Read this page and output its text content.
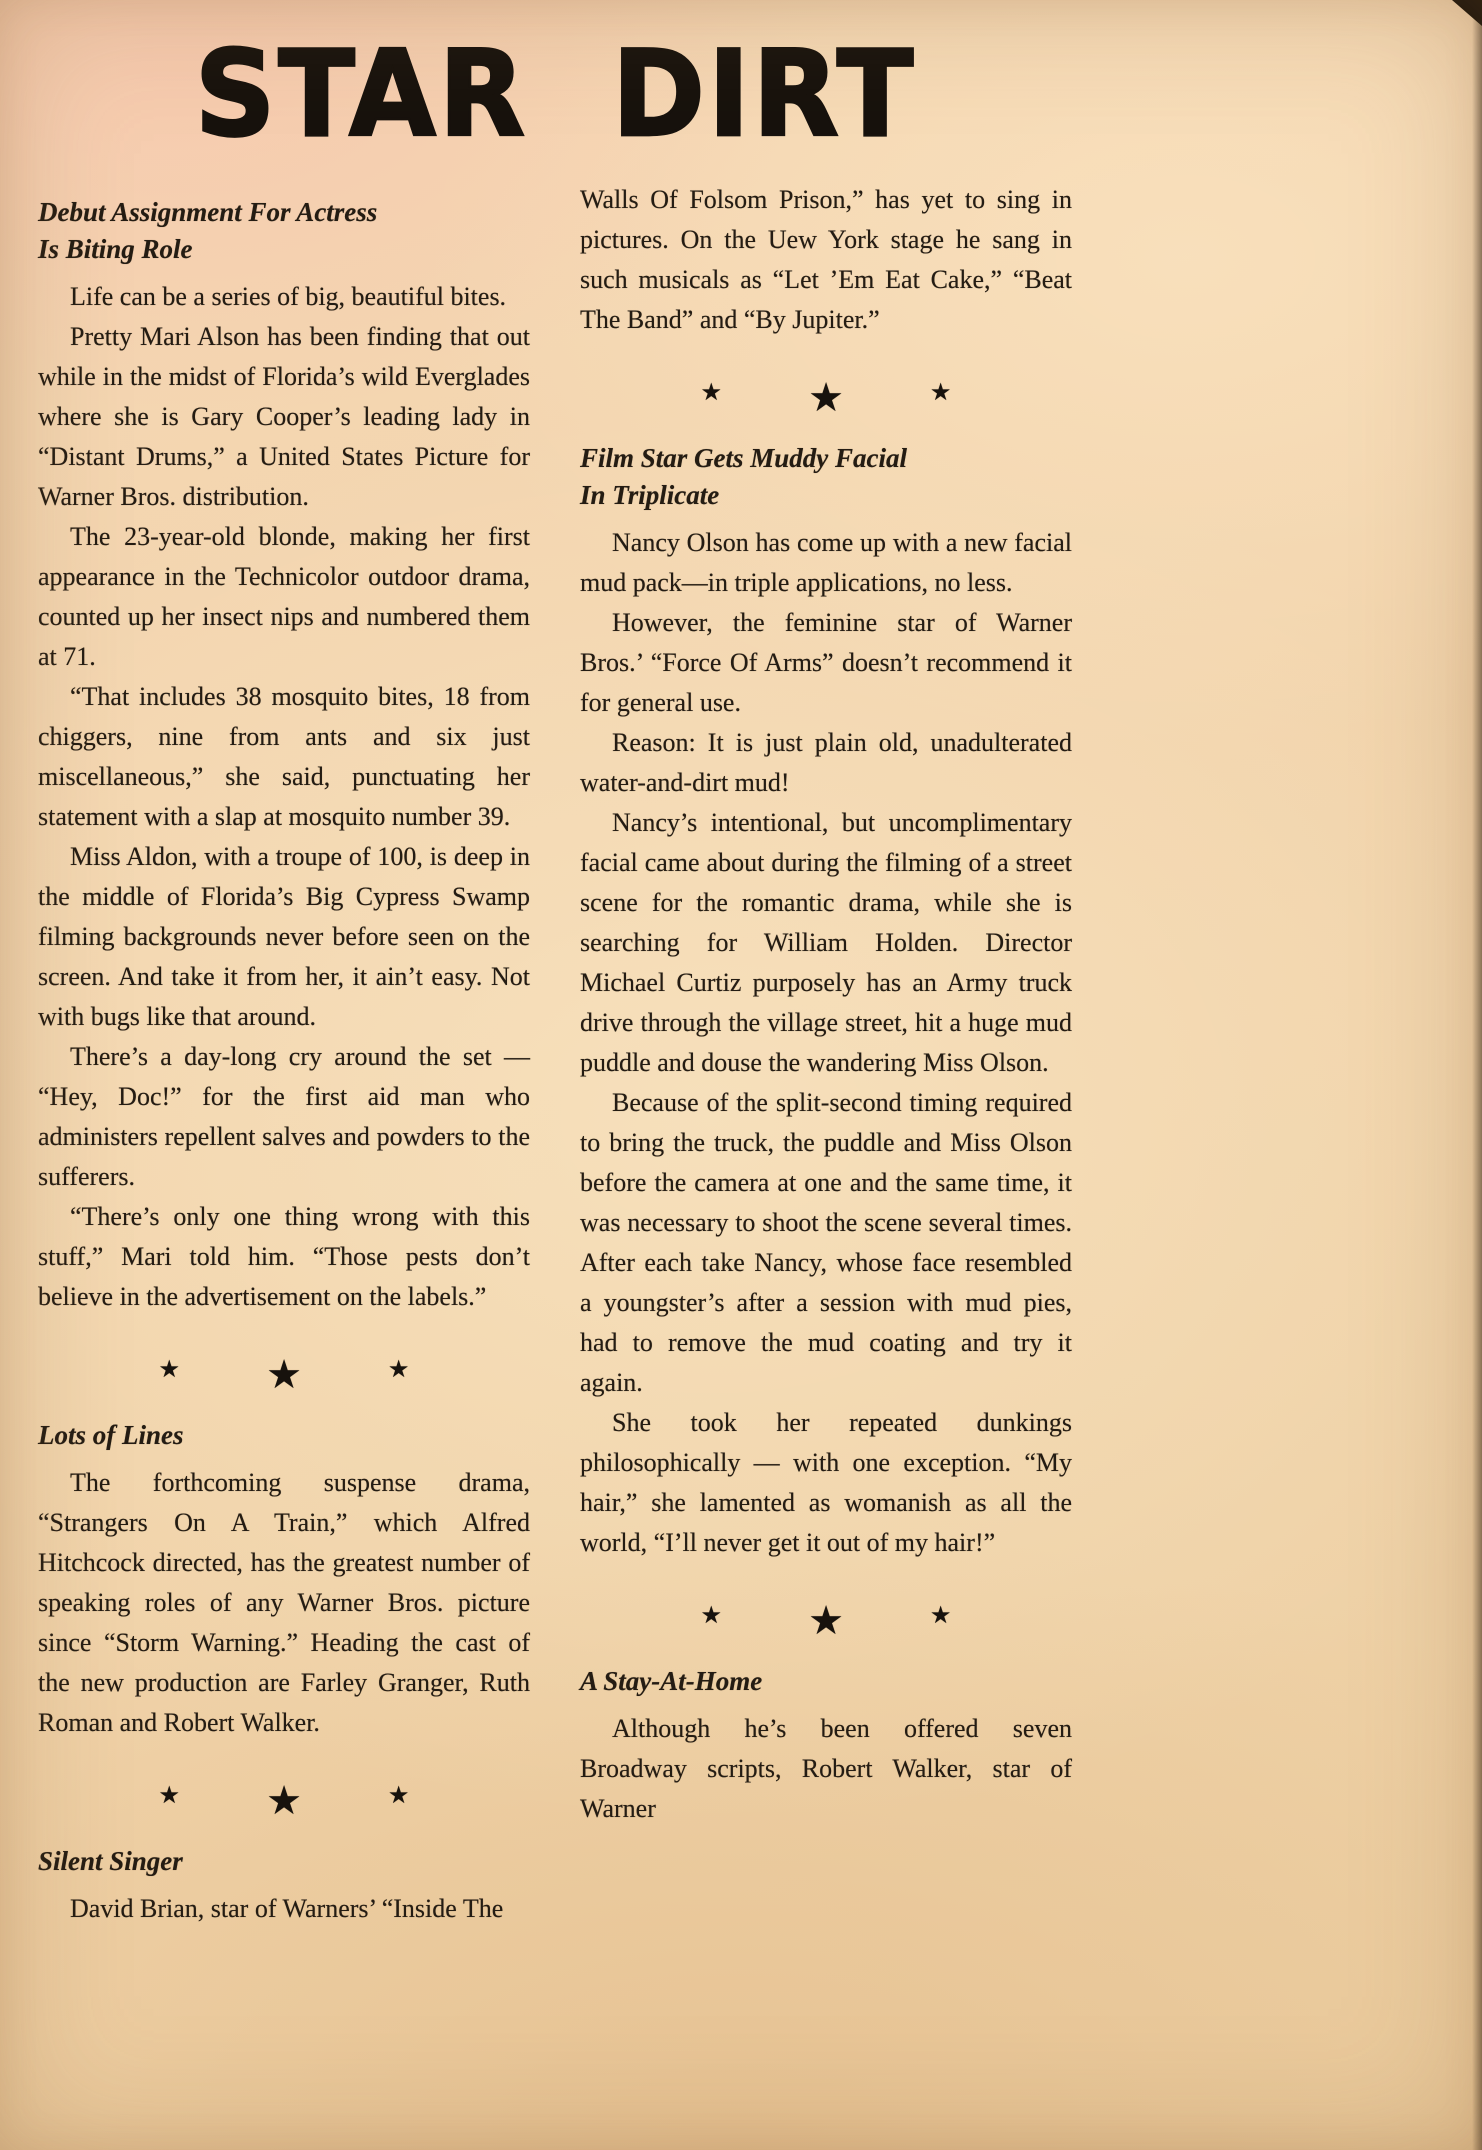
STAR DIRT
Debut Assignment For Actress
Is Biting Role

Life can be a series of big, beautiful bites.

Pretty Mari Alson has been finding that out while in the midst of Florida’s wild Everglades where she is Gary Cooper’s leading lady in “Distant Drums,” a United States Picture for Warner Bros. distribution.

The 23-year-old blonde, making her first appearance in the Technicolor outdoor drama, counted up her insect nips and numbered them at 71.

“That includes 38 mosquito bites, 18 from chiggers, nine from ants and six just miscellaneous,” she said, punctuating her statement with a slap at mosquito number 39.

Miss Aldon, with a troupe of 100, is deep in the middle of Florida’s Big Cypress Swamp filming backgrounds never before seen on the screen. And take it from her, it ain’t easy. Not with bugs like that around.

There’s a day-long cry around the set — “Hey, Doc!” for the first aid man who administers repellent salves and powders to the sufferers.

“There’s only one thing wrong with this stuff,” Mari told him. “Those pests don’t believe in the advertisement on the labels.”

★ ★	★
Lots of Lines

The forthcoming suspense drama, “Strangers On A Train,” which Alfred Hitchcock directed, has the greatest number of speaking roles of any Warner Bros. picture since “Storm Warning.” Heading the cast of the new production are Farley Granger, Ruth Roman and Robert Walker.

★ ★	★
Silent Singer

David Brian, star of Warners’ “Inside The

Walls Of Folsom Prison,” has yet to sing in pictures. On the Uew York stage he sang in such musicals as “Let ’Em Eat Cake,” “Beat The Band” and “By Jupiter.”

★ ★	★
Film Star Gets Muddy Facial
In Triplicate

Nancy Olson has come up with a new facial mud pack—in triple applications, no less.

However, the feminine star of Warner Bros.’ “Force Of Arms” doesn’t recommend it for general use.

Reason: It is just plain old, unadulterated water-and-dirt mud!

Nancy’s intentional, but uncomplimentary facial came about during the filming of a street scene for the romantic drama, while she is searching for William Holden. Director Michael Curtiz purposely has an Army truck drive through the village street, hit a huge mud puddle and douse the wandering Miss Olson.

Because of the split-second timing required to bring the truck, the puddle and Miss Olson before the camera at one and the same time, it was necessary to shoot the scene several times. After each take Nancy, whose face resembled a youngster’s after a session with mud pies, had to remove the mud coating and try it again.

She took her repeated dunkings philosophically — with one exception. “My hair,” she lamented as womanish as all the world, “I’ll never get it out of my hair!”

★ ★	★
A Stay-At-Home

Although he’s been offered seven Broadway scripts, Robert Walker, star of Warner
